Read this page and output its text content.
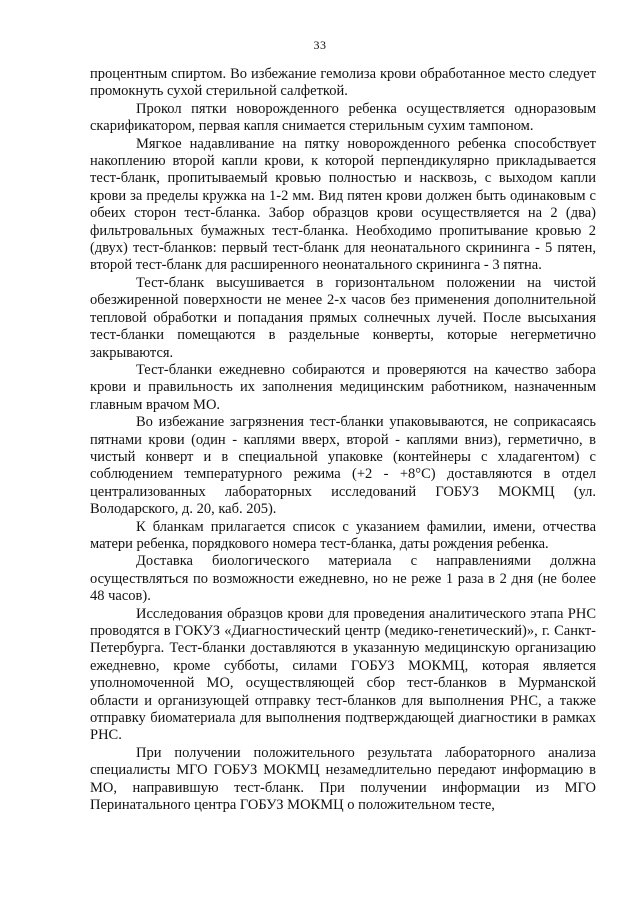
33

процентным спиртом. Во избежание гемолиза крови обработанное место следует промокнуть сухой стерильной салфеткой.

Прокол пятки новорожденного ребенка осуществляется одноразовым скарификатором, первая капля снимается стерильным сухим тампоном.

Мягкое надавливание на пятку новорожденного ребенка способствует накоплению второй капли крови, к которой перпендикулярно прикладывается тест-бланк, пропитываемый кровью полностью и насквозь, с выходом капли крови за пределы кружка на 1-2 мм. Вид пятен крови должен быть одинаковым с обеих сторон тест-бланка. Забор образцов крови осуществляется на 2 (два) фильтровальных бумажных тест-бланка. Необходимо пропитывание кровью 2 (двух) тест-бланков: первый тест-бланк для неонатального скрининга - 5 пятен, второй тест-бланк для расширенного неонатального скрининга - 3 пятна.

Тест-бланк высушивается в горизонтальном положении на чистой обезжиренной поверхности не менее 2-х часов без применения дополнительной тепловой обработки и попадания прямых солнечных лучей. После высыхания тест-бланки помещаются в раздельные конверты, которые негерметично закрываются.

Тест-бланки ежедневно собираются и проверяются на качество забора крови и правильность их заполнения медицинским работником, назначенным главным врачом МО.

Во избежание загрязнения тест-бланки упаковываются, не соприкасаясь пятнами крови (один - каплями вверх, второй - каплями вниз), герметично, в чистый конверт и в специальной упаковке (контейнеры с хладагентом) с соблюдением температурного режима (+2 - +8°С) доставляются в отдел централизованных лабораторных исследований ГОБУЗ МОКМЦ (ул. Володарского, д. 20, каб. 205).

К бланкам прилагается список с указанием фамилии, имени, отчества матери ребенка, порядкового номера тест-бланка, даты рождения ребенка.

Доставка биологического материала с направлениями должна осуществляться по возможности ежедневно, но не реже 1 раза в 2 дня (не более 48 часов).

Исследования образцов крови для проведения аналитического этапа РНС проводятся в ГОКУЗ «Диагностический центр (медико-генетический)», г. Санкт-Петербурга. Тест-бланки доставляются в указанную медицинскую организацию ежедневно, кроме субботы, силами ГОБУЗ МОКМЦ, которая является уполномоченной МО, осуществляющей сбор тест-бланков в Мурманской области и организующей отправку тест-бланков для выполнения РНС, а также отправку биоматериала для выполнения подтверждающей диагностики в рамках РНС.

При получении положительного результата лабораторного анализа специалисты МГО ГОБУЗ МОКМЦ незамедлительно передают информацию в МО, направившую тест-бланк. При получении информации из МГО Перинатального центра ГОБУЗ МОКМЦ о положительном тесте,
